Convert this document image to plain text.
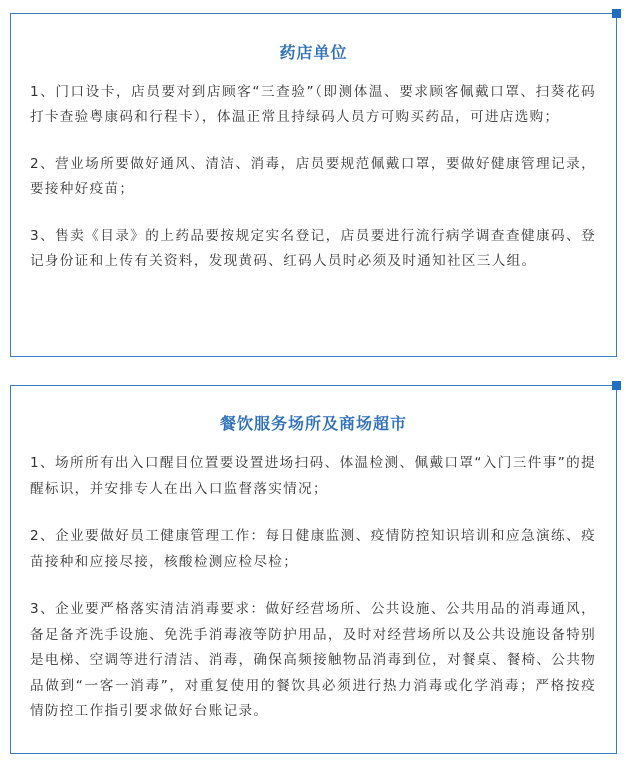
药店单位

1、门口设卡，店员要对到店顾客“三查验”（即测体温、要求顾客佩戴口罩、扫葵花码打卡查验粤康码和行程卡），体温正常且持绿码人员方可购买药品，可进店选购；

2、营业场所要做好通风、清洁、消毒，店员要规范佩戴口罩，要做好健康管理记录，要接种好疫苗；

3、售卖《目录》的上药品要按规定实名登记，店员要进行流行病学调查查健康码、登记身份证和上传有关资料，发现黄码、红码人员时必须及时通知社区三人组。

餐饮服务场所及商场超市

1、场所所有出入口醒目位置要设置进场扫码、体温检测、佩戴口罩“入门三件事”的提醒标识，并安排专人在出入口监督落实情况；

2、企业要做好员工健康管理工作：每日健康监测、疫情防控知识培训和应急演练、疫苗接种和应接尽接，核酸检测应检尽检；

3、企业要严格落实清洁消毒要求：做好经营场所、公共设施、公共用品的消毒通风，备足备齐洗手设施、免洗手消毒液等防护用品，及时对经营场所以及公共设施设备特别是电梯、空调等进行清洁、消毒，确保高频接触物品消毒到位，对餐桌、餐椅、公共物品做到“一客一消毒”，对重复使用的餐饮具必须进行热力消毒或化学消毒；严格按疫情防控工作指引要求做好台账记录。
